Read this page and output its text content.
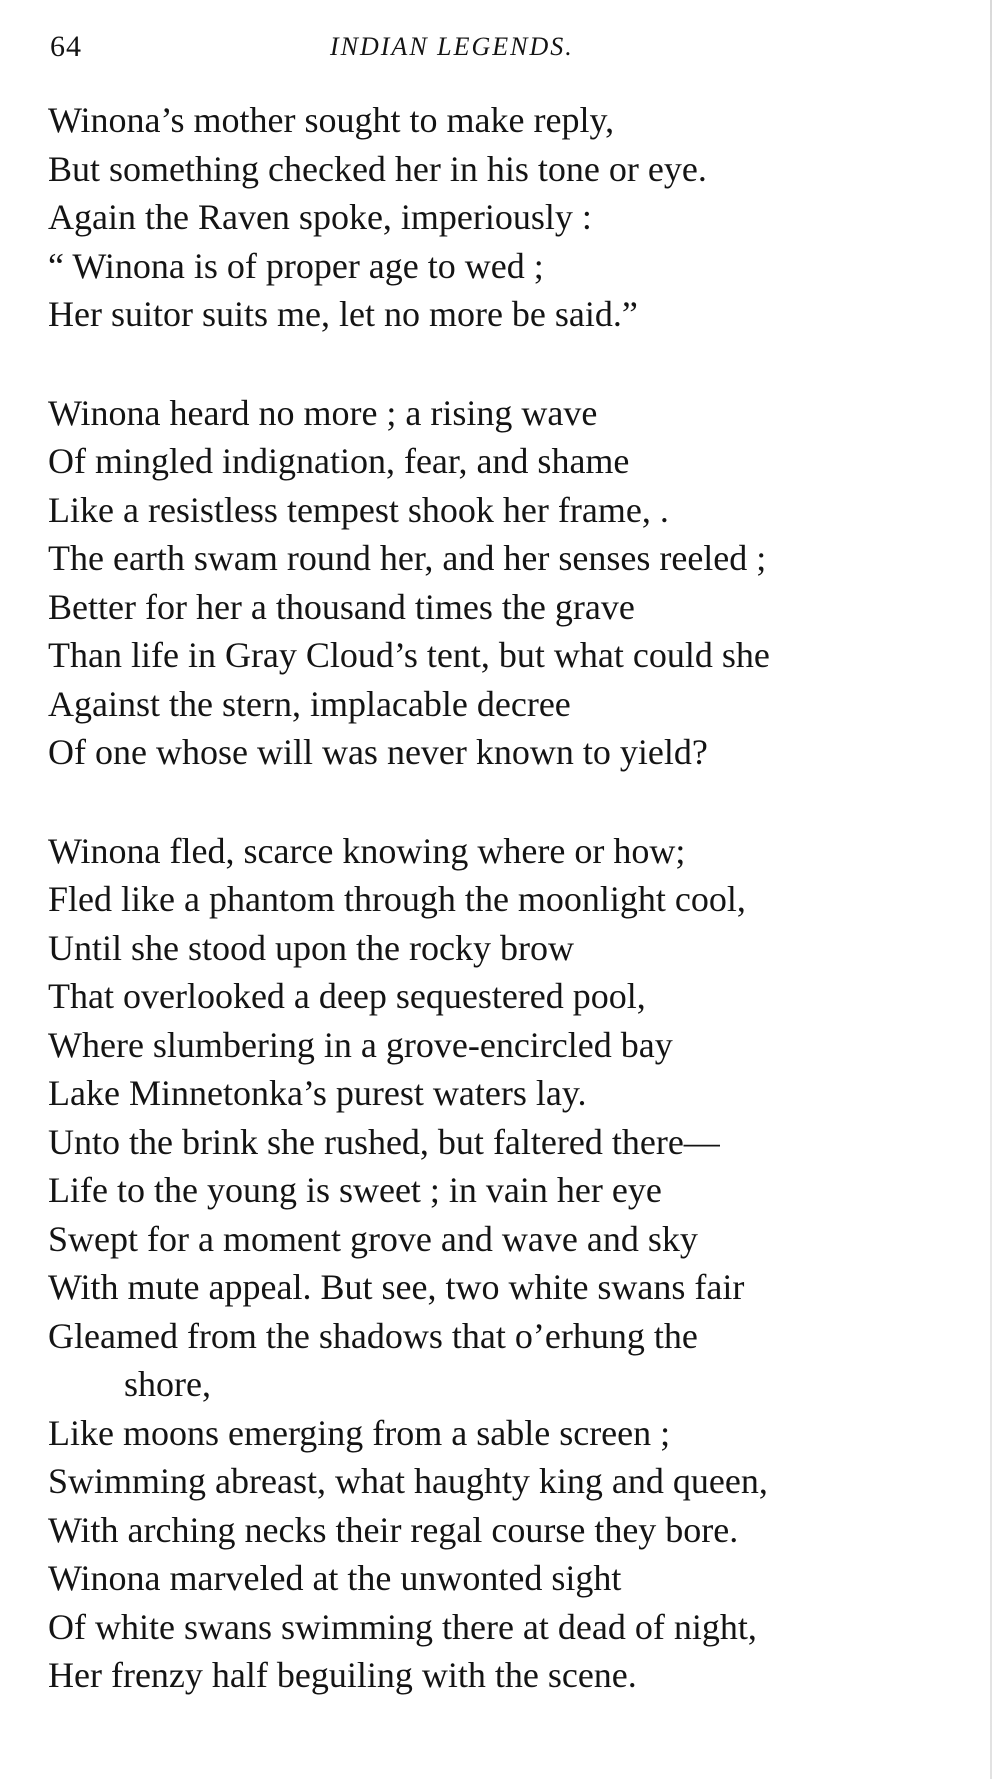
64	INDIAN LEGENDS.
Winona’s mother sought to make reply,
But something checked her in his tone or eye.
Again the Raven spoke, imperiously :
“ Winona is of proper age to wed ;
Her suitor suits me, let no more be said.”
Winona heard no more ; a rising wave
Of mingled indignation, fear, and shame
Like a resistless tempest shook her frame, .
The earth swam round her, and her senses reeled ;
Better for her a thousand times the grave
Than life in Gray Cloud’s tent, but what could she
Against the stern, implacable decree
Of one whose will was never known to yield?
Winona fled, scarce knowing where or how;
Fled like a phantom through the moonlight cool,
Until she stood upon the rocky brow
That overlooked a deep sequestered pool,
Where slumbering in a grove-encircled bay
Lake Minnetonka’s purest waters lay.
Unto the brink she rushed, but faltered there—
Life to the young is sweet ; in vain her eye
Swept for a moment grove and wave and sky
With mute appeal. But see, two white swans fair
Gleamed from the shadows that o’erhung the
shore,
Like moons emerging from a sable screen ;
Swimming abreast, what haughty king and queen,
With arching necks their regal course they bore.
Winona marveled at the unwonted sight
Of white swans swimming there at dead of night,
Her frenzy half beguiling with the scene.
